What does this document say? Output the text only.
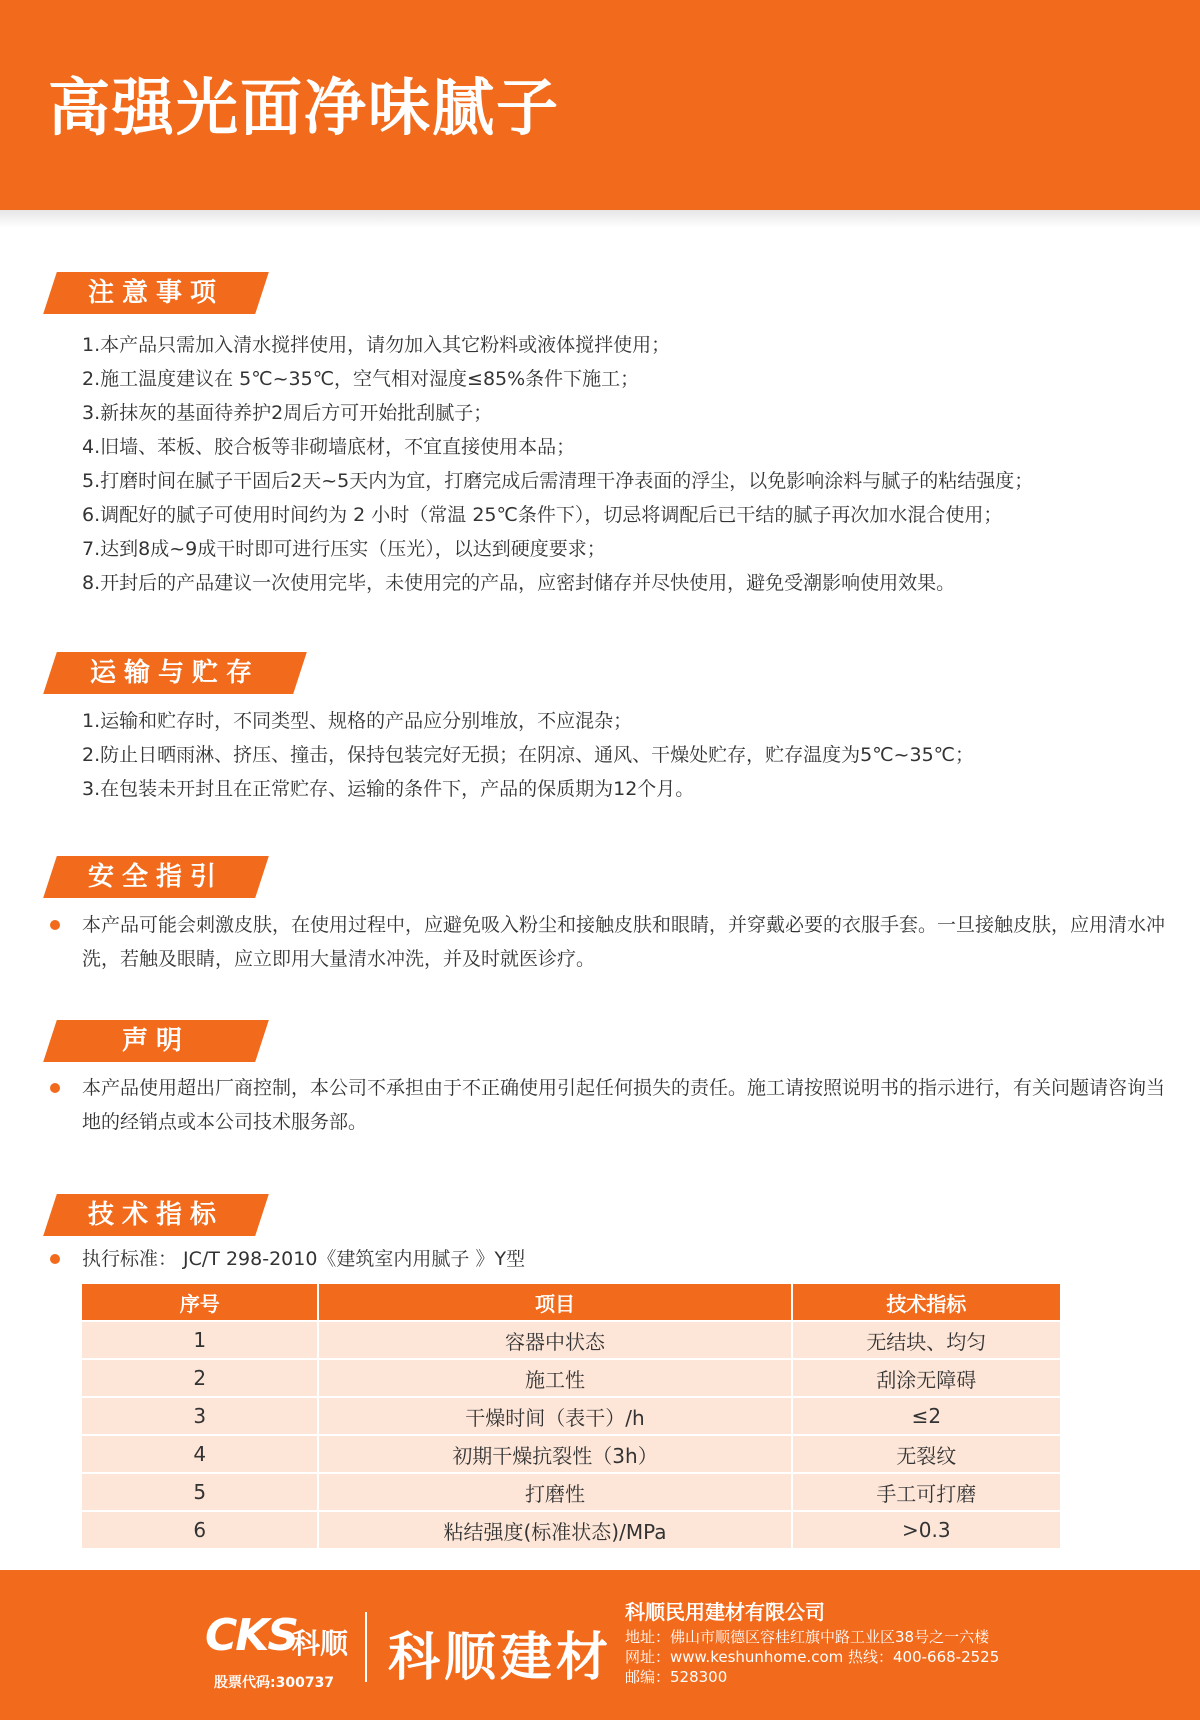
高强光面净味腻子
注意事项
1.本产品只需加入清水搅拌使用，请勿加入其它粉料或液体搅拌使用；
2.施工温度建议在 5℃~35℃，空气相对湿度≤85%条件下施工；
3.新抹灰的基面待养护2周后方可开始批刮腻子；
4.旧墙、苯板、胶合板等非砌墙底材，不宜直接使用本品；
5.打磨时间在腻子干固后2天~5天内为宜，打磨完成后需清理干净表面的浮尘，以免影响涂料与腻子的粘结强度；
6.调配好的腻子可使用时间约为 2 小时（常温 25℃条件下），切忌将调配后已干结的腻子再次加水混合使用；
7.达到8成~9成干时即可进行压实（压光），以达到硬度要求；
8.开封后的产品建议一次使用完毕，未使用完的产品，应密封储存并尽快使用，避免受潮影响使用效果。
运输与贮存
1.运输和贮存时，不同类型、规格的产品应分别堆放，不应混杂；
2.防止日晒雨淋、挤压、撞击，保持包装完好无损；在阴凉、通风、干燥处贮存，贮存温度为5℃~35℃；
3.在包装未开封且在正常贮存、运输的条件下，产品的保质期为12个月。
安全指引
本产品可能会刺激皮肤，在使用过程中，应避免吸入粉尘和接触皮肤和眼睛，并穿戴必要的衣服手套。一旦接触皮肤，应用清水冲洗，若触及眼睛，应立即用大量清水冲洗，并及时就医诊疗。
声明
本产品使用超出厂商控制，本公司不承担由于不正确使用引起任何损失的责任。施工请按照说明书的指示进行，有关问题请咨询当地的经销点或本公司技术服务部。
技术指标
执行标准： JC/T 298-2010《建筑室内用腻子 》Y型
序号	项目	技术指标
1	容器中状态	无结块、均匀
2	施工性	刮涂无障碍
3	干燥时间（表干）/h	≤2
4	初期干燥抗裂性（3h）	无裂纹
5	打磨性	手工可打磨
6	粘结强度(标准状态)/MPa	>0.3
CKS
科顺
股票代码:300737 科顺建材
科顺民用建材有限公司
地址：佛山市顺德区容桂红旗中路工业区38号之一六楼
网址：www.keshunhome.com 热线：400-668-2525
邮编：528300
